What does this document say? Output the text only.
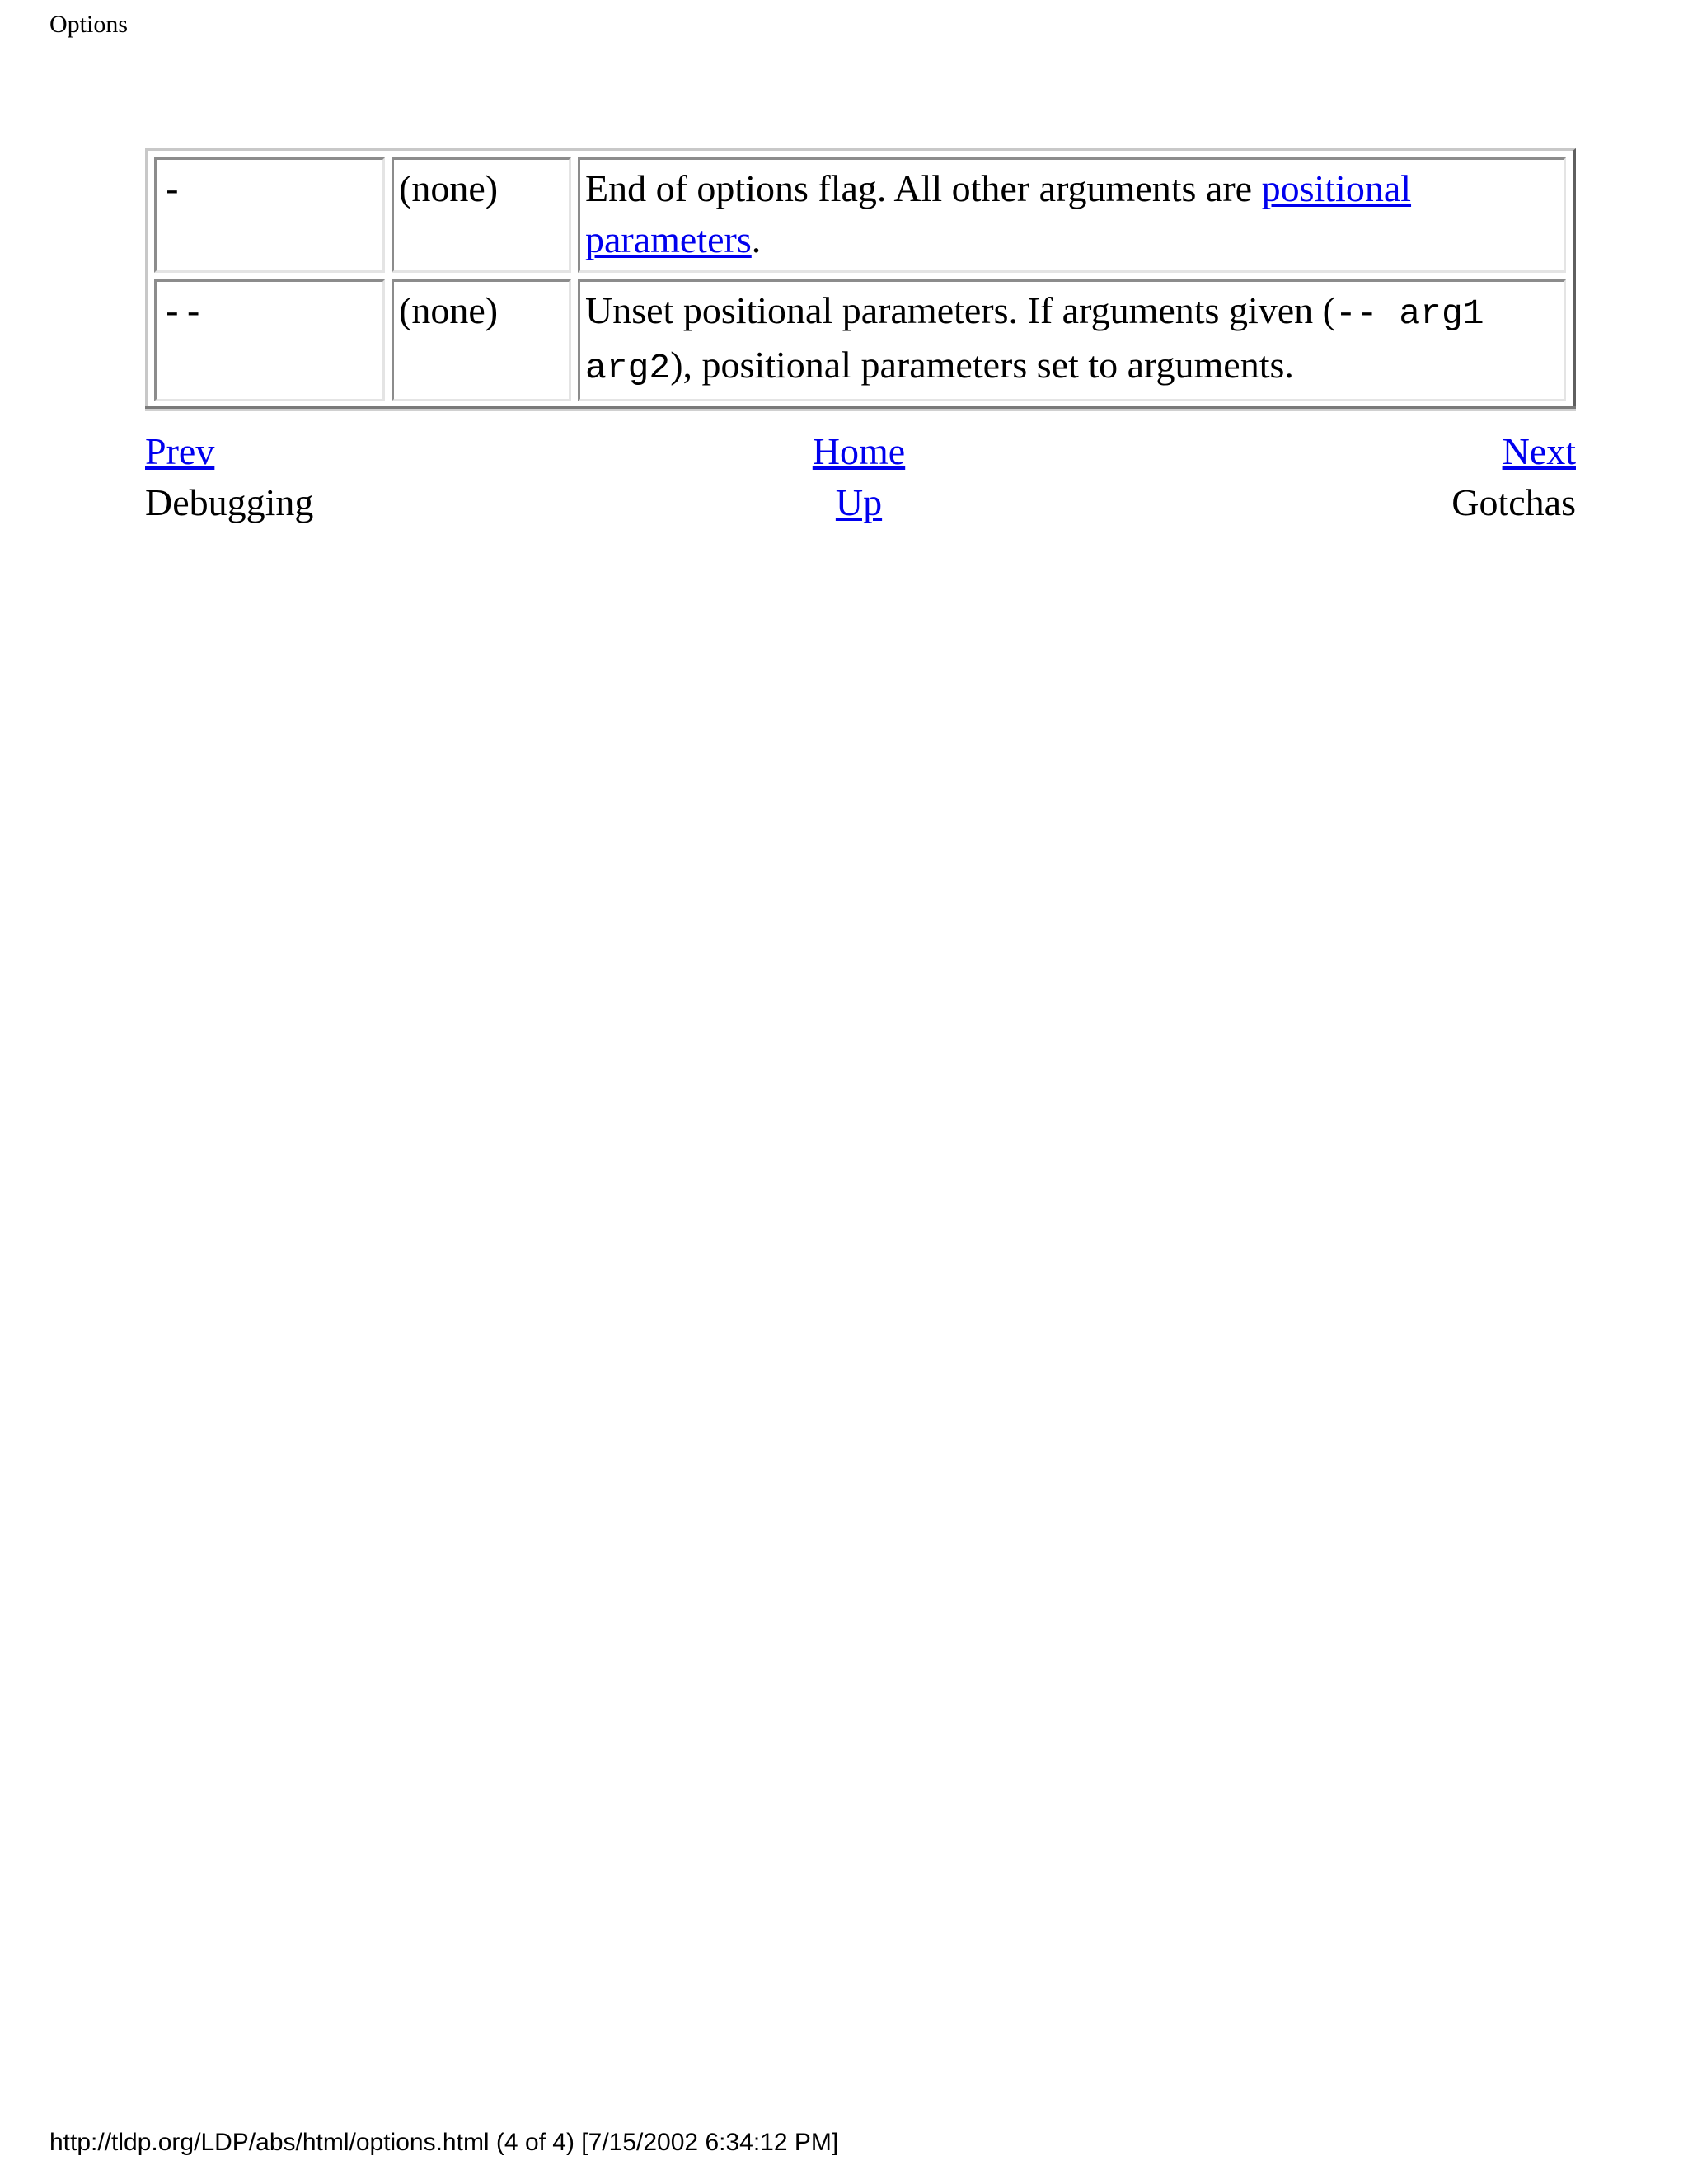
Options
-	(none)	End of options flag. All other arguments are positional parameters.
--	(none)	Unset positional parameters. If arguments given (-- arg1 arg2), positional parameters set to arguments.
Prev	Home	Next
Debugging	Up	Gotchas
http://tldp.org/LDP/abs/html/options.html (4 of 4) [7/15/2002 6:34:12 PM]
